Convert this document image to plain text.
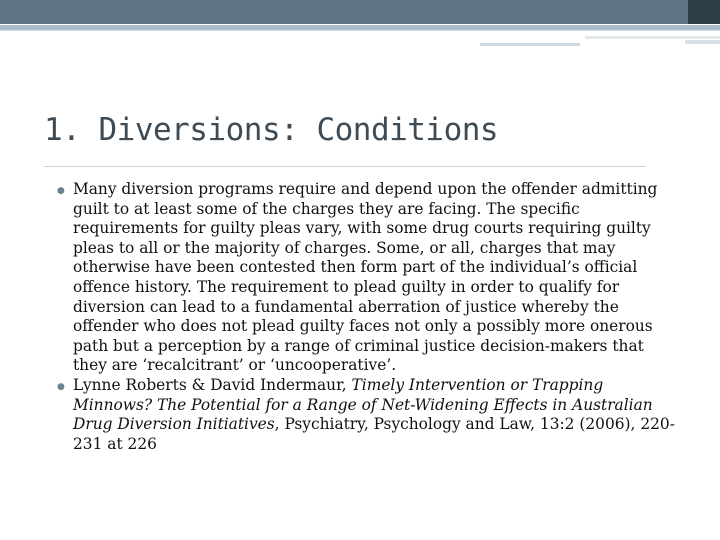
1. Diversions: Conditions
● Many diversion programs require and depend upon the offender admitting guilt to at least some of the charges they are facing. The specific requirements for guilty pleas vary, with some drug courts requiring guilty pleas to all or the majority of charges. Some, or all, charges that may otherwise have been contested then form part of the individual’s official offence history. The requirement to plead guilty in order to qualify for diversion can lead to a fundamental aberration of justice whereby the offender who does not plead guilty faces not only a possibly more onerous path but a perception by a range of criminal justice decision-makers that they are ‘recalcitrant’ or ‘uncooperative’.
● Lynne Roberts & David Indermaur, Timely Intervention or Trapping Minnows? The Potential for a Range of Net-Widening Effects in Australian Drug Diversion Initiatives, Psychiatry, Psychology and Law, 13:2 (2006), 220-231 at 226
